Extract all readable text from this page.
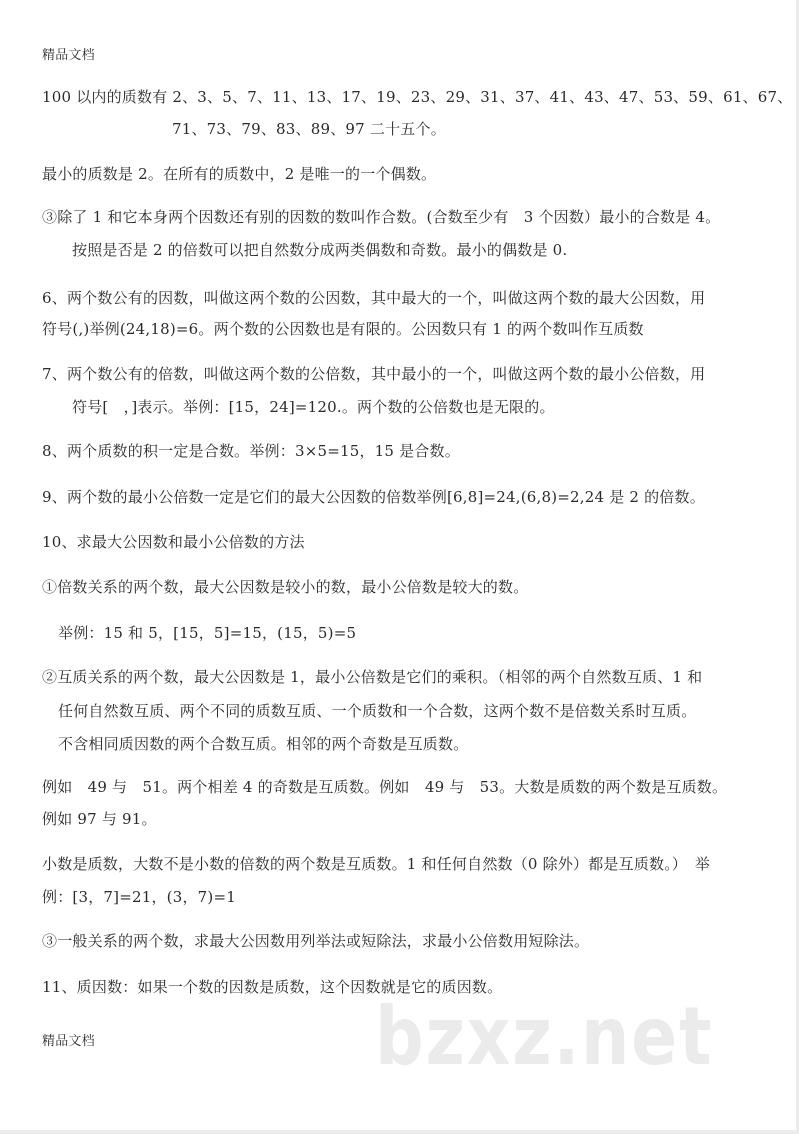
精品文档
100 以内的质数有 2、3、5、7、11、13、17、19、23、29、31、37、41、43、47、53、59、61、67、
71、73、79、83、89、97 二十五个。
最小的质数是 2。在所有的质数中，2 是唯一的一个偶数。
③除了 1 和它本身两个因数还有别的因数的数叫作合数。(合数至少有　3 个因数）最小的合数是 4。
按照是否是 2 的倍数可以把自然数分成两类偶数和奇数。最小的偶数是 0.
6、两个数公有的因数，叫做这两个数的公因数，其中最大的一个，叫做这两个数的最大公因数，用
符号(,)举例(24,18)=6。两个数的公因数也是有限的。公因数只有 1 的两个数叫作互质数
7、两个数公有的倍数，叫做这两个数的公倍数，其中最小的一个，叫做这两个数的最小公倍数，用
符号[　，]表示。举例：[15，24]=120.。两个数的公倍数也是无限的。
8、两个质数的积一定是合数。举例：3×5=15，15 是合数。
9、两个数的最小公倍数一定是它们的最大公因数的倍数举例[6,8]=24,(6,8)=2,24 是 2 的倍数。
10、求最大公因数和最小公倍数的方法
①倍数关系的两个数，最大公因数是较小的数，最小公倍数是较大的数。
举例：15 和 5，[15，5]=15，(15，5)=5
②互质关系的两个数，最大公因数是 1，最小公倍数是它们的乘积。（相邻的两个自然数互质、1 和
任何自然数互质、两个不同的质数互质、一个质数和一个合数，这两个数不是倍数关系时互质。
不含相同质因数的两个合数互质。相邻的两个奇数是互质数。
例如　49 与　51。两个相差 4 的奇数是互质数。例如　49 与　53。大数是质数的两个数是互质数。
例如 97 与 91。
小数是质数，大数不是小数的倍数的两个数是互质数。1 和任何自然数（0 除外）都是互质数。）　举
例：[3，7]=21，(3，7)=1
③一般关系的两个数，求最大公因数用列举法或短除法，求最小公倍数用短除法。
11、质因数：如果一个数的因数是质数，这个因数就是它的质因数。
bzxz.net
精品文档
